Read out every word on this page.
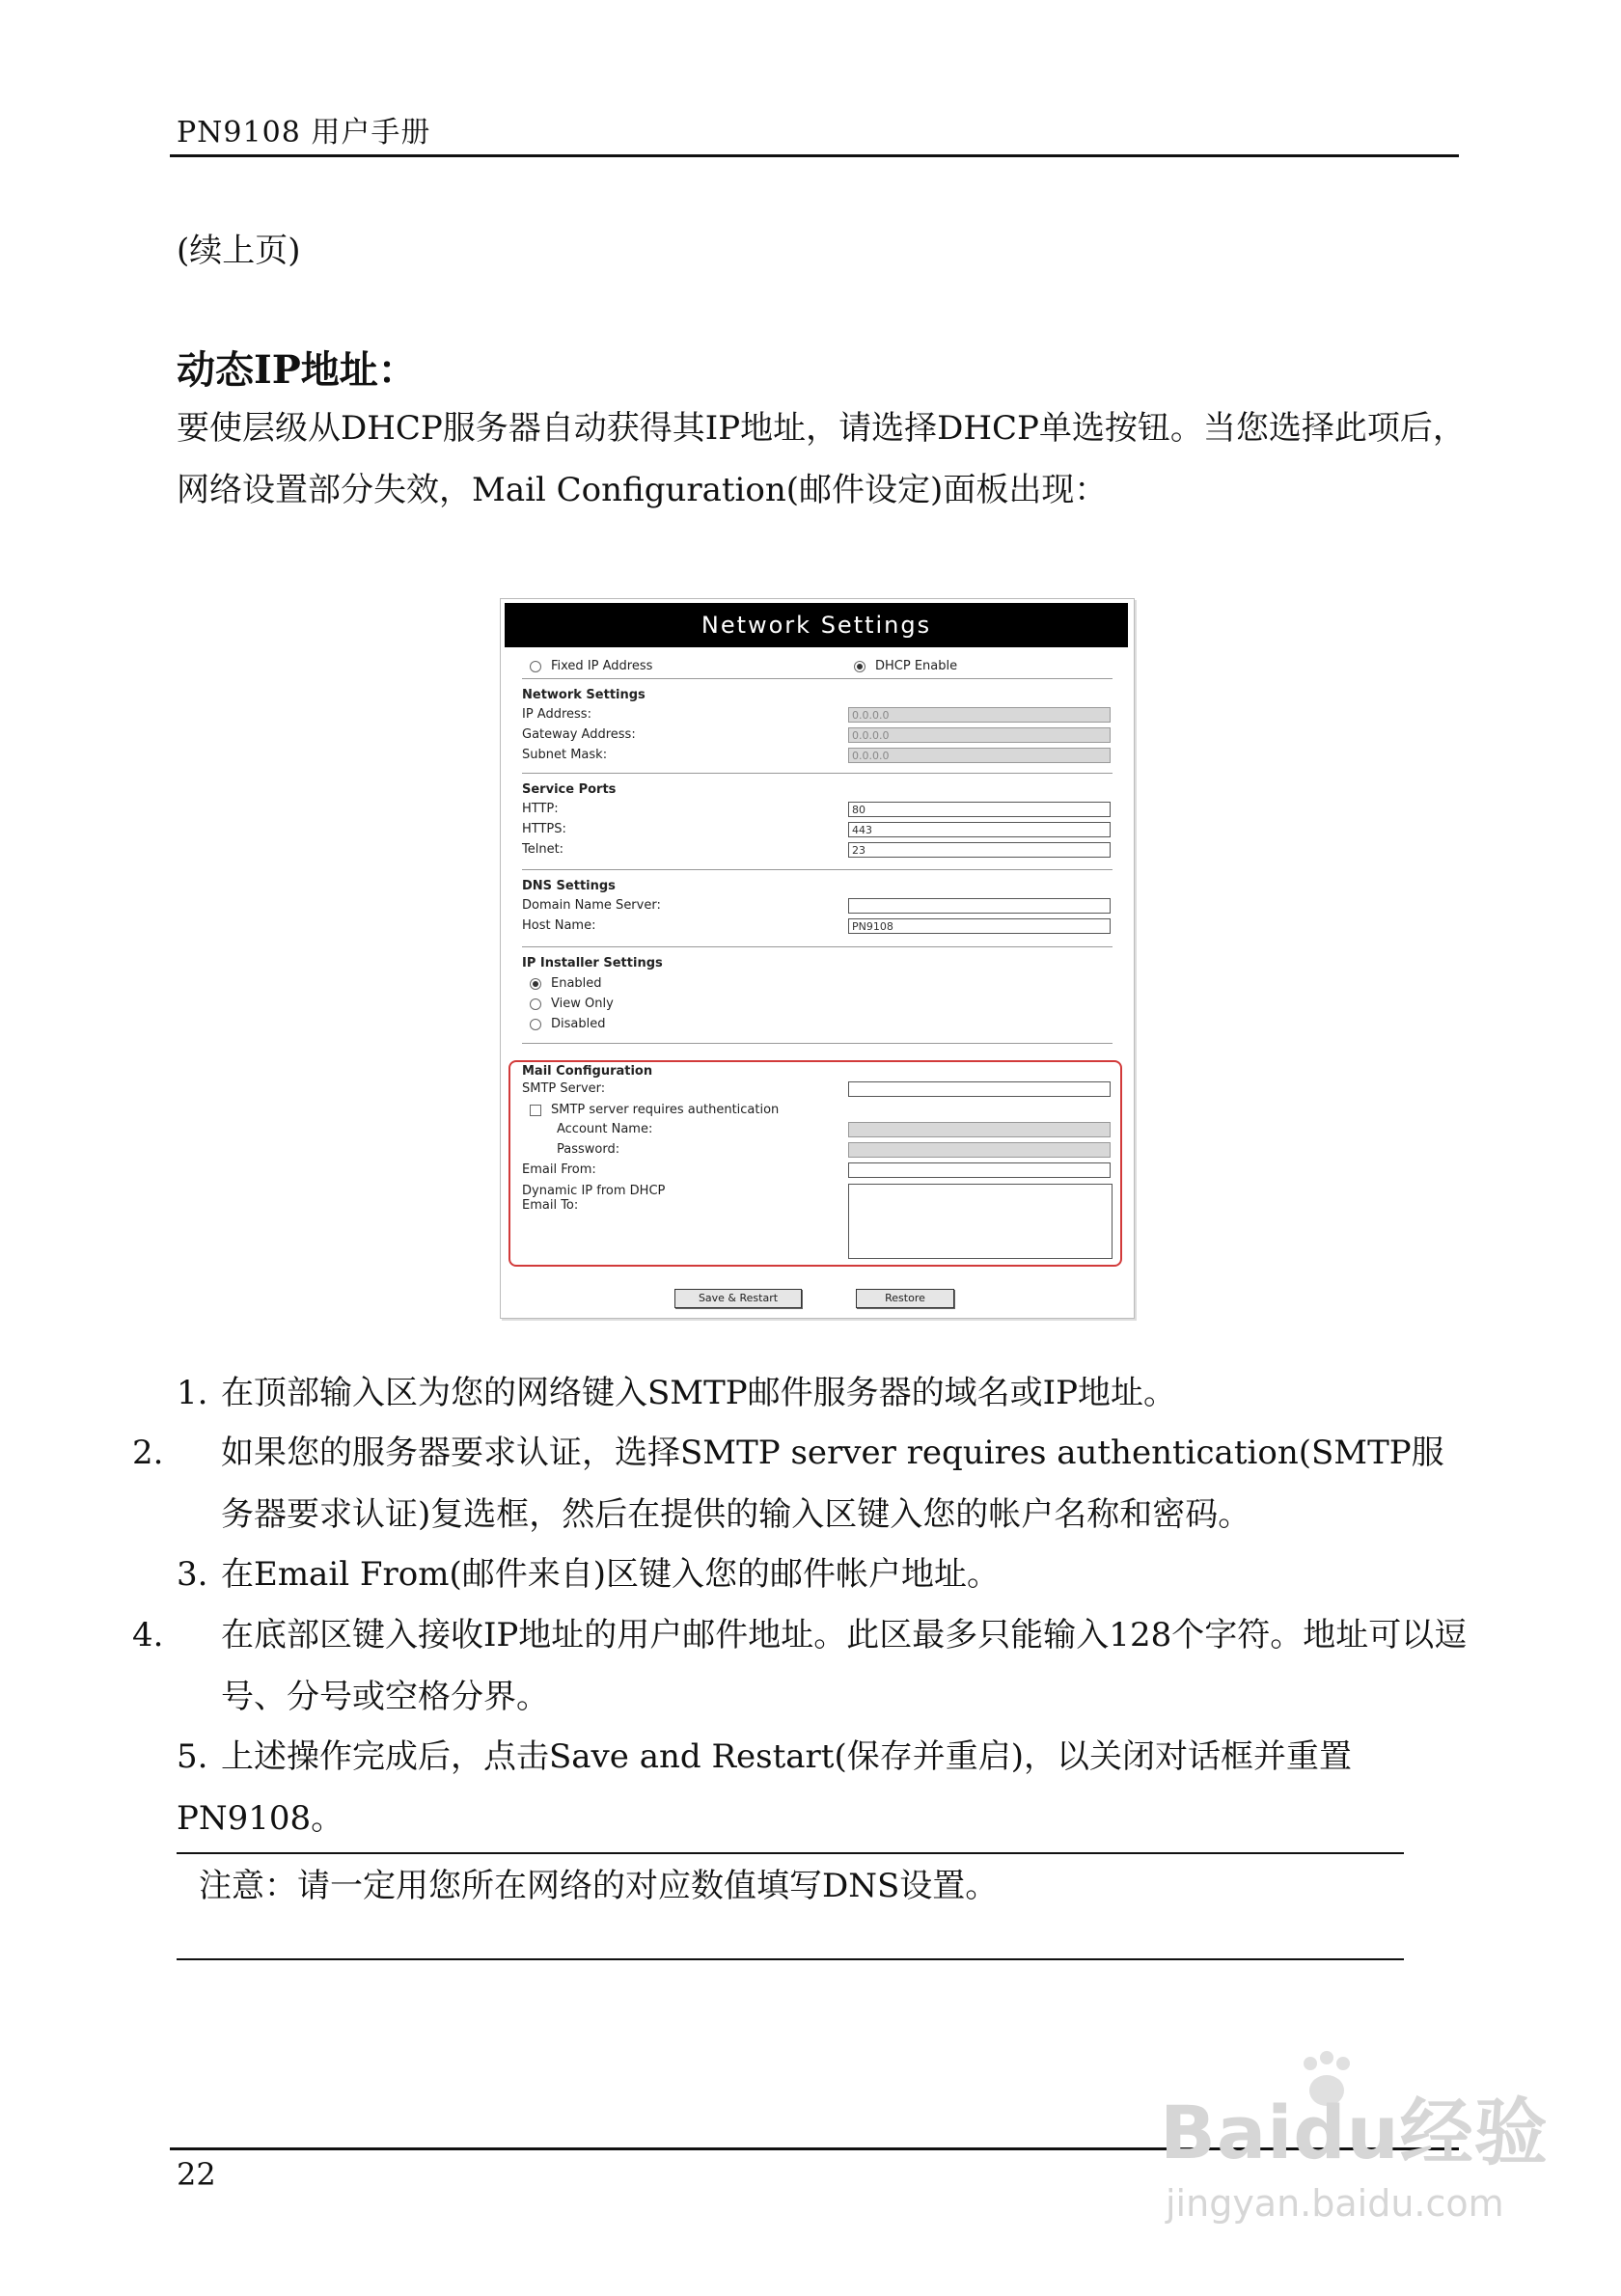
PN9108 用户手册
(续上页)
动态IP地址：
要使层级从DHCP服务器自动获得其IP地址，请选择DHCP单选按钮。当您选择此项后，网络设置部分失效，Mail Configuration(邮件设定)面板出现：
Network Settings
Fixed IP Address	DHCP Enable
Network Settings
IP Address:	0.0.0.0
Gateway Address:	0.0.0.0
Subnet Mask:	0.0.0.0
Service Ports
HTTP:	80
HTTPS:	443
Telnet:	23
DNS Settings
Domain Name Server:
Host Name:	PN9108
IP Installer Settings
Enabled
View Only
Disabled
Mail Configuration
SMTP Server:
SMTP server requires authentication
Account Name:
Password:
Email From:
Dynamic IP from DHCP
Email To:
Save & Restart	Restore
1. 在顶部输入区为您的网络键入SMTP邮件服务器的域名或IP地址。
2. 如果您的服务器要求认证，选择SMTP server requires authentication(SMTP服务器要求认证)复选框，然后在提供的输入区键入您的帐户名称和密码。
3. 在Email From(邮件来自)区键入您的邮件帐户地址。
4. 在底部区键入接收IP地址的用户邮件地址。此区最多只能输入128个字符。地址可以逗号、分号或空格分界。
5. 上述操作完成后，点击Save and Restart(保存并重启)，以关闭对话框并重置PN9108。
注意：请一定用您所在网络的对应数值填写DNS设置。
22	Baidu经验
jingyan.baidu.com
